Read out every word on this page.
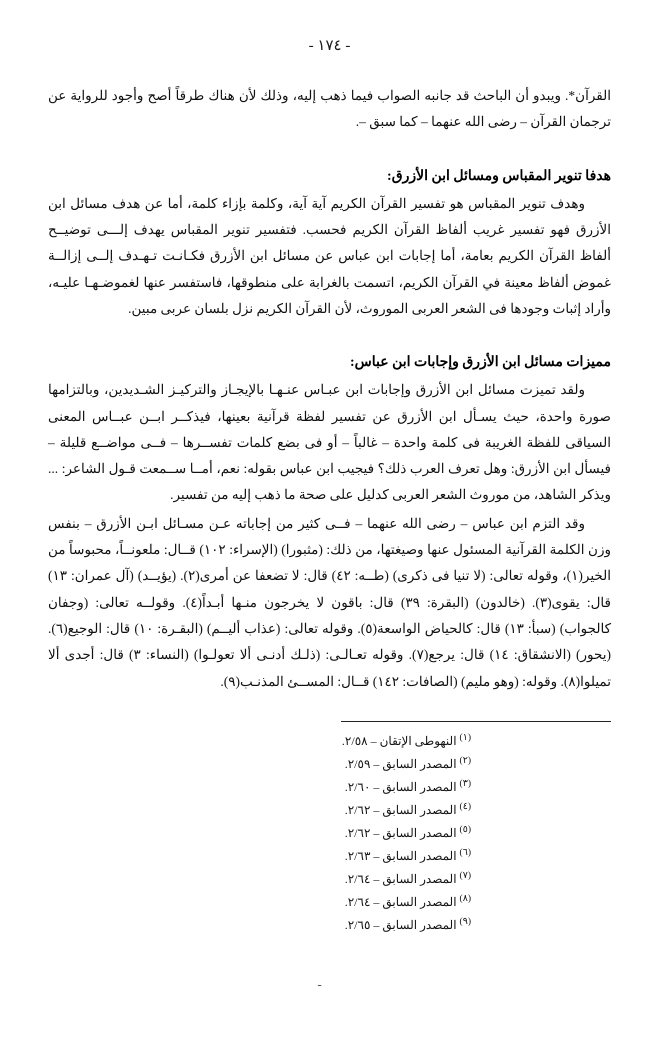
- ١٧٤ -

القرآن*. ويبدو أن الباحث قد جانبه الصواب فيما ذهب إليه، وذلك لأن هناك طرقاً أصح وأجود للرواية عن ترجمان القرآن – رضى الله عنهما – كما سبق –.

هدفا تنوير المقباس ومسائل ابن الأزرق:

وهدف تنوير المقباس هو تفسير القرآن الكريم آية آية، وكلمة بإزاء كلمة، أما عن هدف مسائل ابن الأزرق فهو تفسير غريب ألفاظ القرآن الكريم فحسب. فتفسير تنوير المقباس يهدف إلـــى توضيــح ألفاظ القرآن الكريم بعامة، أما إجابات ابن عباس عن مسائل ابن الأزرق فكـانـت تـهـدف إلــى إزالــة غموض ألفاظ معينة في القرآن الكريم، اتسمت بالغرابة على منطوقها، فاستفسر عنها لغموضـهـا عليـه، وأراد إثبات وجودها فى الشعر العربى الموروث، لأن القرآن الكريم نزل بلسان عربى مبين.

مميزات مسائل ابن الأزرق وإجابات ابن عباس:

ولقد تميزت مسائل ابن الأزرق وإجابات ابن عبـاس عنـهـا بالإيجـاز والتركيـز الشـديدين، وبالتزامها صورة واحدة، حيث يسـأل ابن الأزرق عن تفسير لفظة قرآنية بعينها، فيذكــر ابــن عبــاس المعنى السياقى للفظة الغريبة فى كلمة واحدة – غالباً – أو فى بضع كلمات تفســرها – فــى مواضــع قليلة – فيسأل ابن الأزرق: وهل تعرف العرب ذلك؟ فيجيب ابن عباس بقوله: نعم، أمــا ســمعت قـول الشاعر: ... ويذكر الشاهد، من موروث الشعر العربى كدليل على صحة ما ذهب إليه من تفسير.

وقد التزم ابن عباس – رضى الله عنهما – فــى كثير من إجاباته عـن مسـائل ابـن الأزرق – بنفس وزن الكلمة القرآنية المسئول عنها وصيغتها، من ذلك: (مثبورا) (الإسراء: ١٠٢) قــال: ملعونــاً، محبوساً من الخير(١)، وقوله تعالى: (لا تنيا فى ذكرى) (طــه: ٤٢) قال: لا تضعفا عن أمرى(٢). (يؤيــد) (آل عمران: ١٣) قال: يقوى(٣). (خالدون) (البقرة: ٣٩) قال: باقون لا يخرجون منـها أبـداً(٤). وقولــه تعالى: (وجفان كالجواب) (سبأ: ١٣) قال: كالحياض الواسعة(٥). وقوله تعالى: (عذاب أليــم) (البقـرة: ١٠) قال: الوجيع(٦). (يحور) (الانشقاق: ١٤) قال: يرجع(٧). وقوله تعـالـى: (ذلـك أدنـى ألا تعولـوا) (النساء: ٣) قال: أجدى ألا تميلوا(٨). وقوله: (وهو مليم) (الصافات: ١٤٢) قــال: المســئ المذنـب(٩).

$^{(١)}$النهوطى الإتقان – ٢/٥٨.

$^{(٢)}$المصدر السابق – ٢/٥٩.

$^{(٣)}$المصدر السابق – ٢/٦٠.

$^{(٤)}$المصدر السابق – ٢/٦٢.

$^{(٥)}$المصدر السابق – ٢/٦٢.

$^{(٦)}$المصدر السابق – ٢/٦٣.

$^{(٧)}$المصدر السابق – ٢/٦٤.

$^{(٨)}$المصدر السابق – ٢/٦٤.

$^{(٩)}$المصدر السابق – ٢/٦٥.

ـ
